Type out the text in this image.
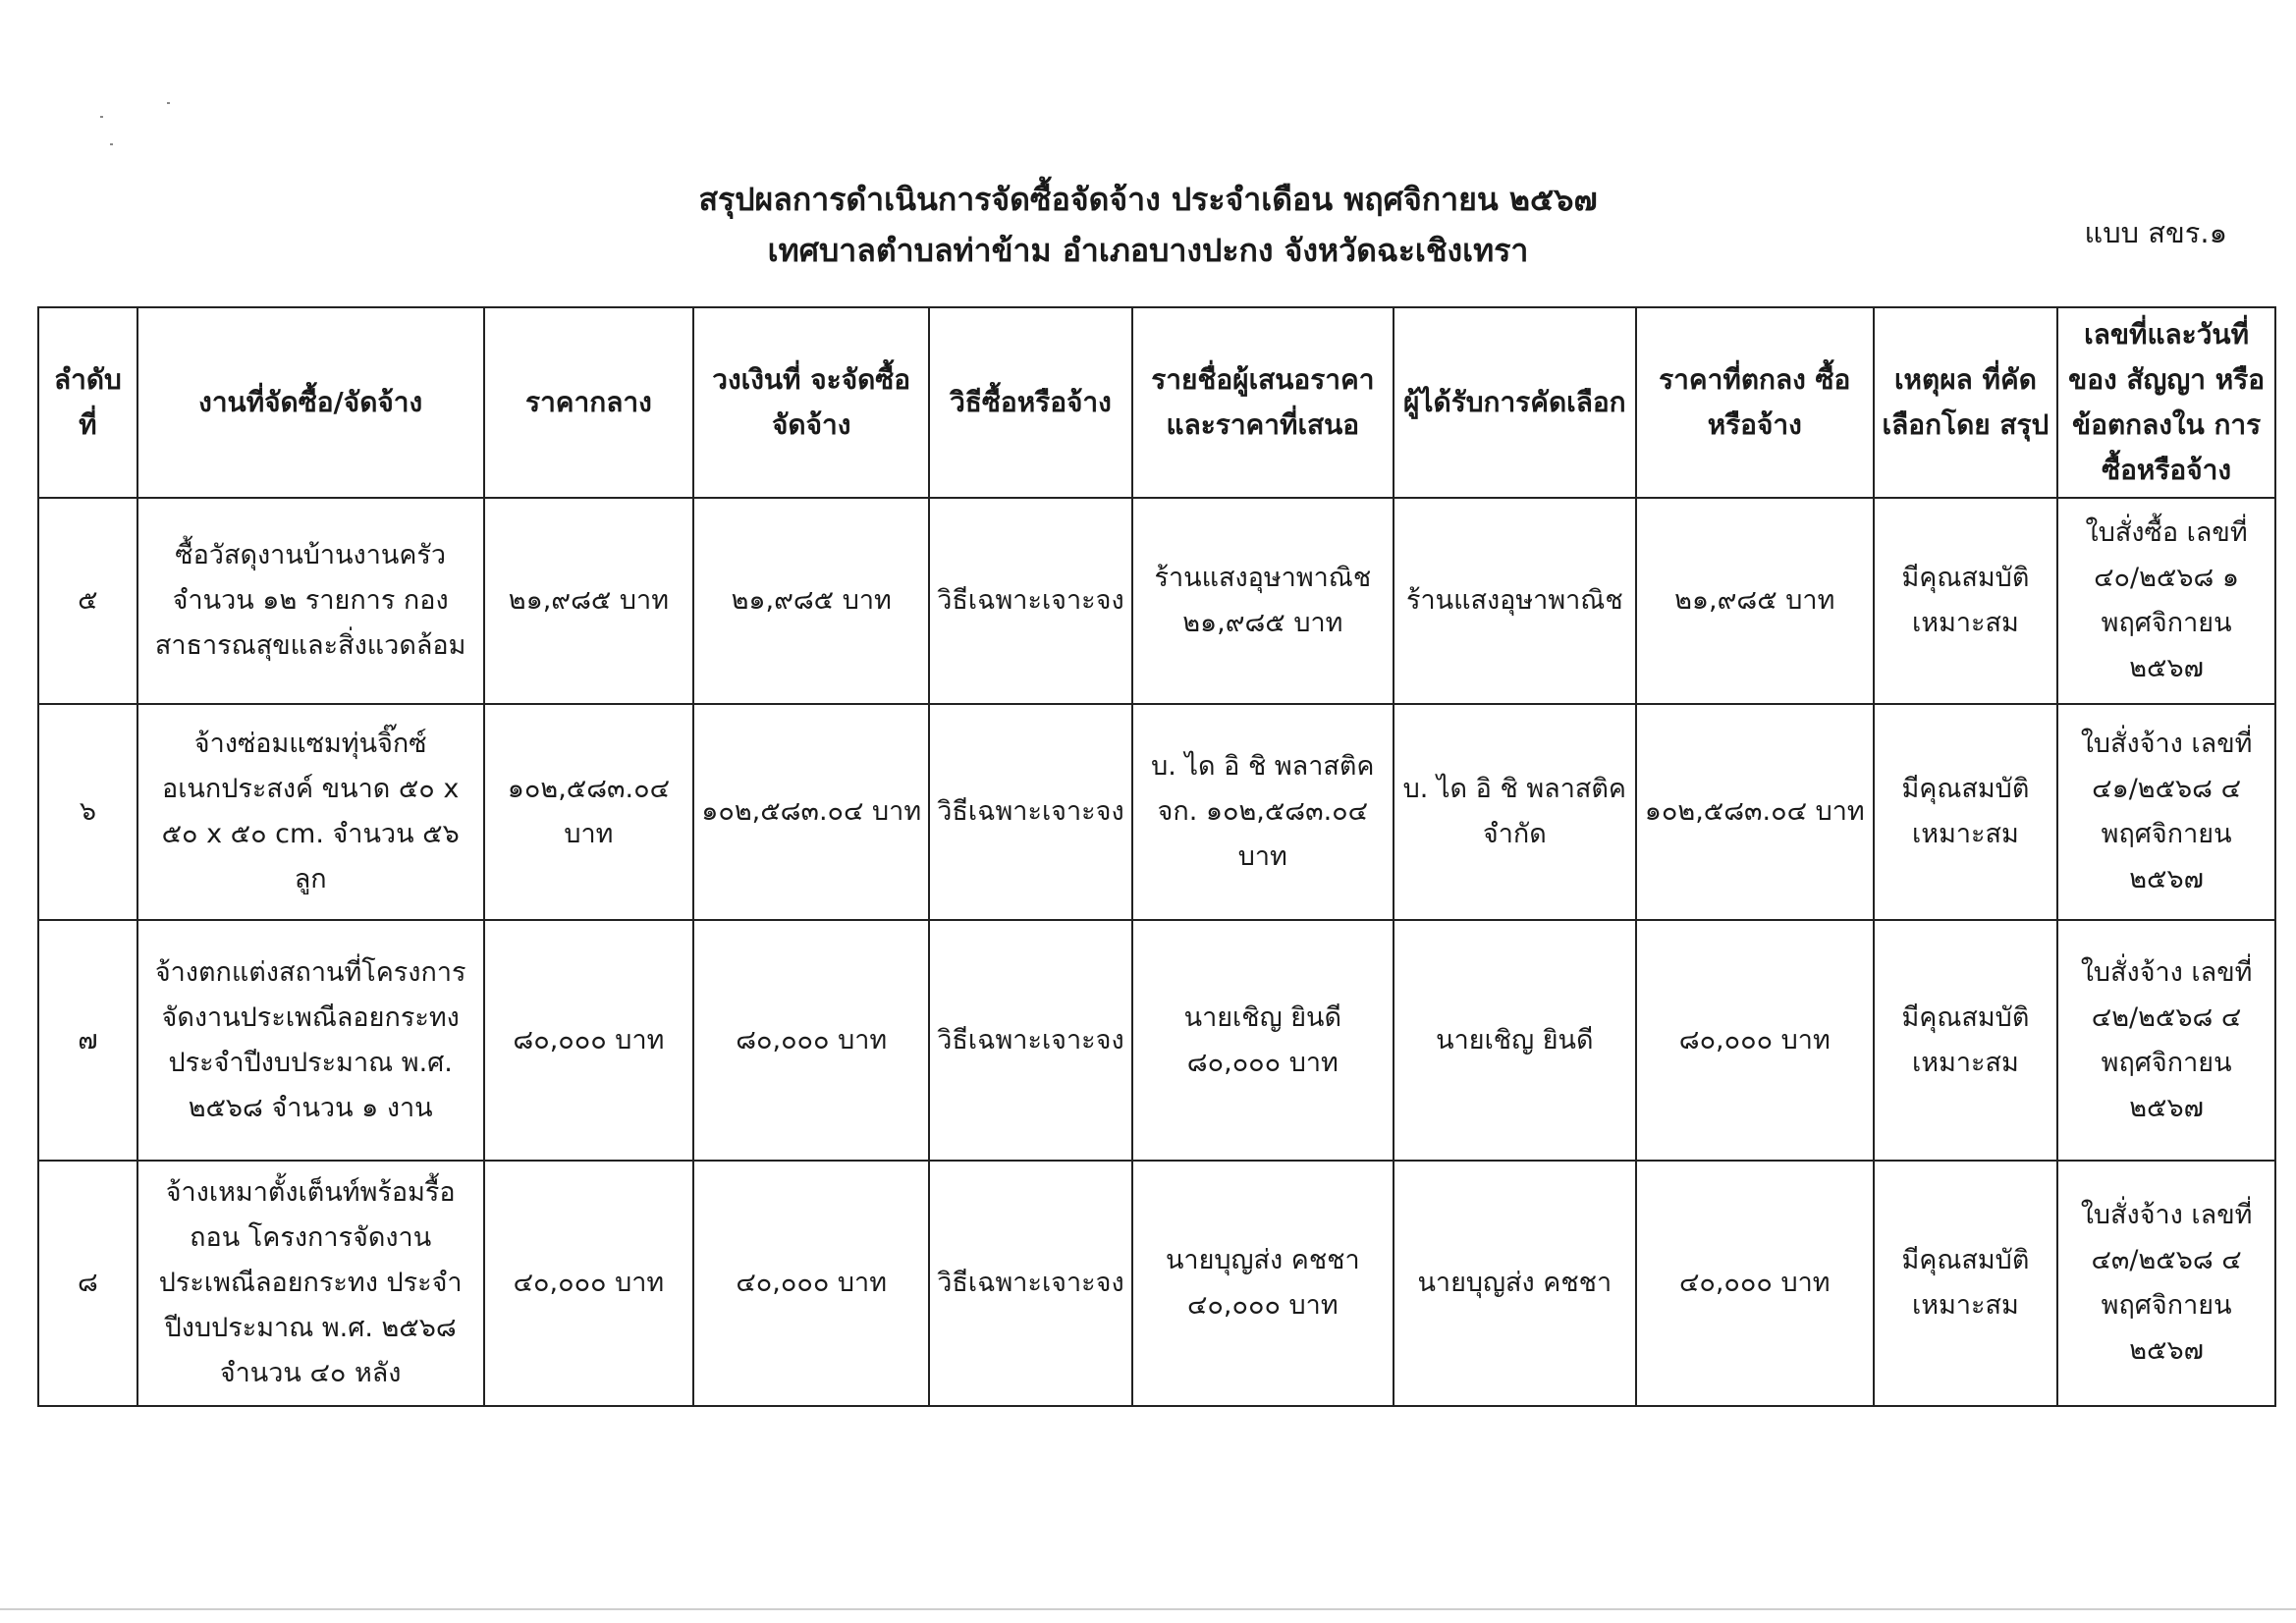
สรุปผลการดำเนินการจัดซื้อจัดจ้าง ประจำเดือน พฤศจิกายน ๒๕๖๗
เทศบาลตำบลท่าข้าม อำเภอบางปะกง จังหวัดฉะเชิงเทรา	แบบ สขร.๑
ลำดับที่	งานที่จัดซื้อ/จัดจ้าง	ราคากลาง	วงเงินที่ จะจัดซื้อจัดจ้าง	วิธีซื้อหรือจ้าง	รายชื่อผู้เสนอราคา และราคาที่เสนอ	ผู้ได้รับการคัดเลือก	ราคาที่ตกลง ซื้อหรือจ้าง	เหตุผล ที่คัดเลือกโดย สรุป	เลขที่และวันที่ของ สัญญา หรือข้อตกลงใน การซื้อหรือจ้าง
๕	ซื้อวัสดุงานบ้านงานครัว จำนวน ๑๒ รายการ กองสาธารณสุขและสิ่งแวดล้อม	๒๑,๙๘๕ บาท	๒๑,๙๘๕ บาท	วิธีเฉพาะเจาะจง	ร้านแสงอุษาพาณิช ๒๑,๙๘๕ บาท	ร้านแสงอุษาพาณิช	๒๑,๙๘๕ บาท	มีคุณสมบัติ เหมาะสม	ใบสั่งซื้อ เลขที่ ๔๐/๒๕๖๘ ๑ พฤศจิกายน ๒๕๖๗
๖	จ้างซ่อมแซมทุ่นจิ๊กซ์ อเนกประสงค์ ขนาด ๕๐ x ๕๐ x ๕๐ cm. จำนวน ๕๖ ลูก	๑๐๒,๕๘๓.๐๔ บาท	๑๐๒,๕๘๓.๐๔ บาท	วิธีเฉพาะเจาะจง	บ. ได อิ ชิ พลาสติค จก. ๑๐๒,๕๘๓.๐๔ บาท	บ. ได อิ ชิ พลาสติค จำกัด	๑๐๒,๕๘๓.๐๔ บาท	มีคุณสมบัติ เหมาะสม	ใบสั่งจ้าง เลขที่ ๔๑/๒๕๖๘ ๔ พฤศจิกายน ๒๕๖๗
๗	จ้างตกแต่งสถานที่โครงการจัดงานประเพณีลอยกระทง ประจำปีงบประมาณ พ.ศ. ๒๕๖๘ จำนวน ๑ งาน	๘๐,๐๐๐ บาท	๘๐,๐๐๐ บาท	วิธีเฉพาะเจาะจง	นายเชิญ ยินดี ๘๐,๐๐๐ บาท	นายเชิญ ยินดี	๘๐,๐๐๐ บาท	มีคุณสมบัติ เหมาะสม	ใบสั่งจ้าง เลขที่ ๔๒/๒๕๖๘ ๔ พฤศจิกายน ๒๕๖๗
๘	จ้างเหมาตั้งเต็นท์พร้อมรื้อถอน โครงการจัดงานประเพณีลอยกระทง ประจำปีงบประมาณ พ.ศ. ๒๕๖๘ จำนวน ๔๐ หลัง	๔๐,๐๐๐ บาท	๔๐,๐๐๐ บาท	วิธีเฉพาะเจาะจง	นายบุญส่ง คชชา ๔๐,๐๐๐ บาท	นายบุญส่ง คชชา	๔๐,๐๐๐ บาท	มีคุณสมบัติ เหมาะสม	ใบสั่งจ้าง เลขที่ ๔๓/๒๕๖๘ ๔ พฤศจิกายน ๒๕๖๗
